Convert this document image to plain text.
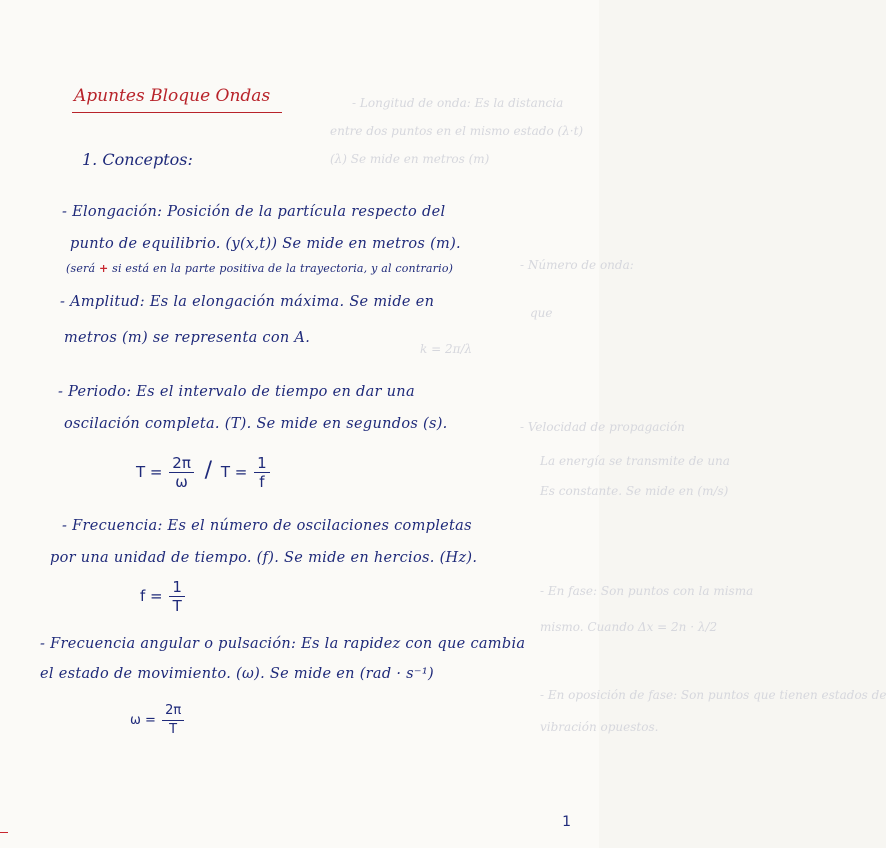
- Longitud de onda: Es la distancia
entre dos puntos en el mismo estado (λ·t)
(λ) Se mide en metros (m)
- Número de onda:
que
k = 2π/λ
- Velocidad de propagación
La energía se transmite de una
Es constante. Se mide en (m/s)
- En fase: Son puntos con la misma
mismo. Cuando Δx = 2n · λ/2
- En oposición de fase: Son puntos que tienen estados de
vibración opuestos.
Apuntes Bloque Ondas
1. Conceptos:
- Elongación: Posición de la partícula respecto del
punto de equilibrio. (y(x,t)) Se mide en metros (m).
(será + si está en la parte positiva de la trayectoria, y al contrario)
- Amplitud: Es la elongación máxima. Se mide en
metros (m) se representa con A.
- Periodo: Es el intervalo de tiempo en dar una
oscilación completa. (T). Se mide en segundos (s).
$T = \frac{2\pi}{\omega} / T = \frac{1}{f}$
- Frecuencia: Es el número de oscilaciones completas
por una unidad de tiempo. (f). Se mide en hercios. (Hz).
$f = \frac{1}{T}$
- Frecuencia angular o pulsación: Es la rapidez con que cambia
el estado de movimiento. (ω). Se mide en (rad · s⁻¹)
$\omega = \frac{2\pi}{T}$
1
